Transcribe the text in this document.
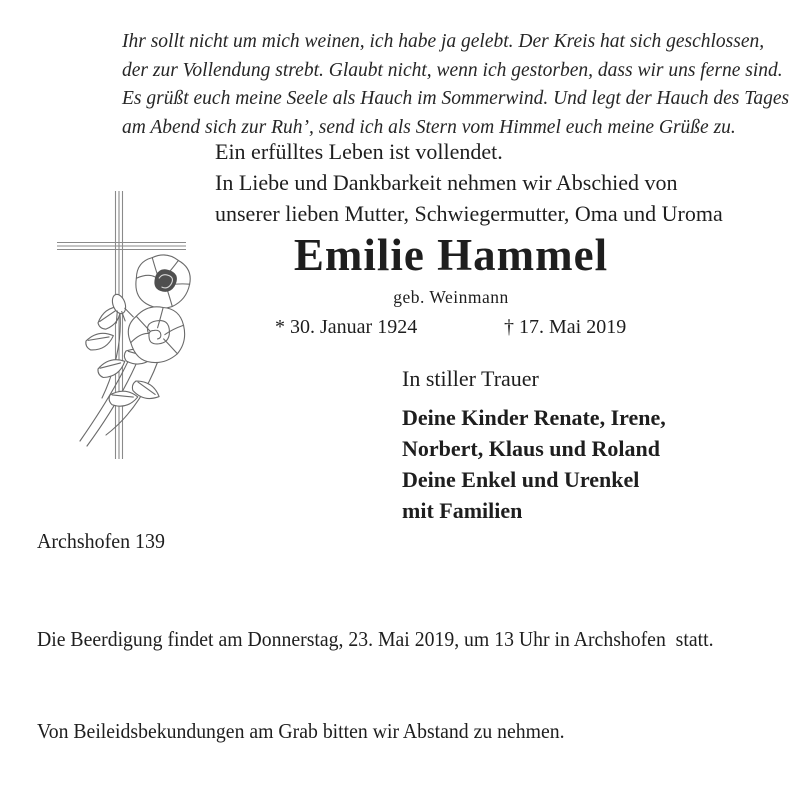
Ihr sollt nicht um mich weinen, ich habe ja gelebt. Der Kreis hat sich geschlossen,
der zur Vollendung strebt. Glaubt nicht, wenn ich gestorben, dass wir uns ferne sind.
Es grüßt euch meine Seele als Hauch im Sommerwind. Und legt der Hauch des Tages
am Abend sich zur Ruh’, send ich als Stern vom Himmel euch meine Grüße zu.
Ein erfülltes Leben ist vollendet.
In Liebe und Dankbarkeit nehmen wir Abschied von
unserer lieben Mutter, Schwiegermutter, Oma und Uroma
Emilie Hammel
geb. Weinmann
* 30. Januar 1924	† 17. Mai 2019
In stiller Trauer
Deine Kinder Renate, Irene,
Norbert, Klaus und Roland
Deine Enkel und Urenkel
mit Familien
Archshofen 139

Die Beerdigung findet am Donnerstag, 23. Mai 2019, um 13 Uhr in Archshofen  statt.

Von Beileidsbekundungen am Grab bitten wir Abstand zu nehmen.
